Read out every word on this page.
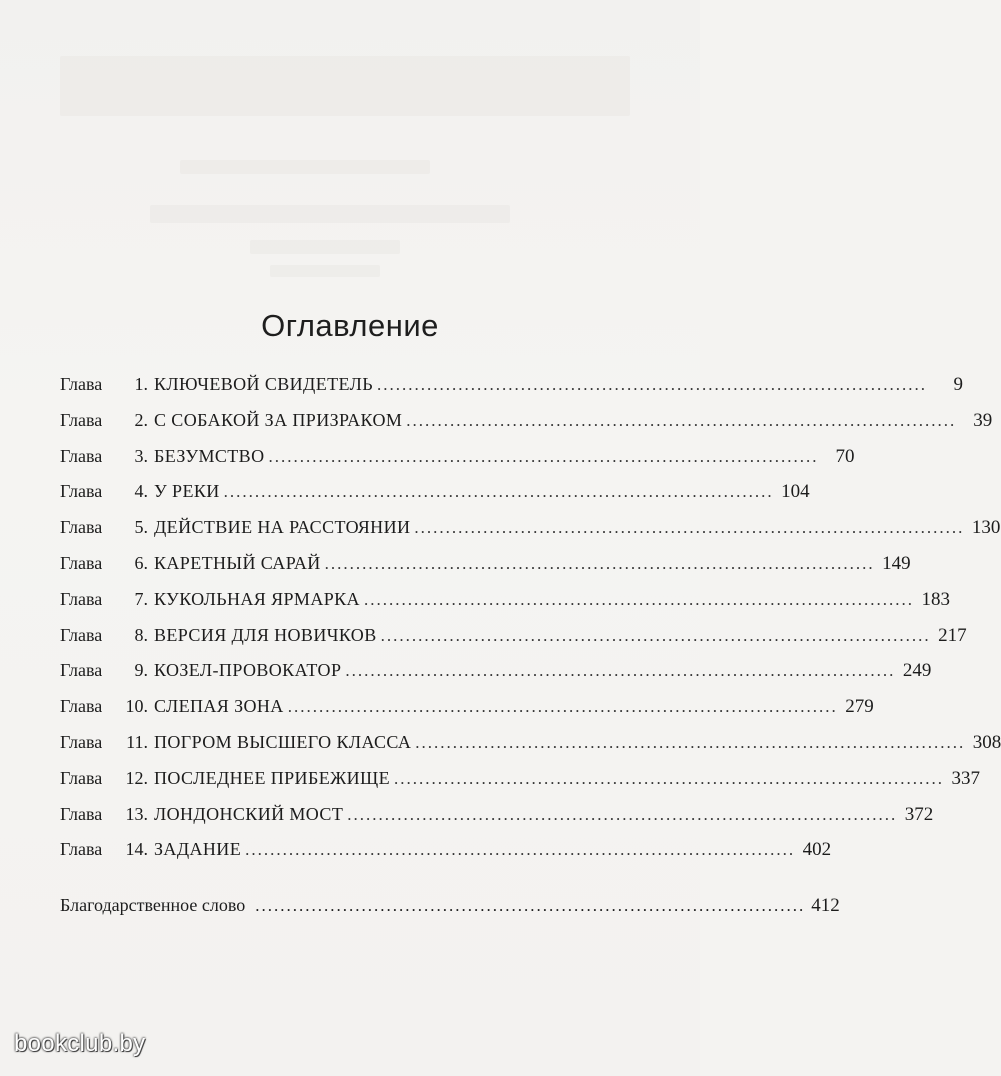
Оглавление
Глава	1. КЛЮЧЕВОЙ СВИДЕТЕЛЬ ........................................................................................	9
Глава	2. С СОБАКОЙ ЗА ПРИЗРАКОМ ........................................................................................ 39
Глава	3. БЕЗУМСТВО ........................................................................................ 70
Глава	4. У РЕКИ ........................................................................................ 104
Глава	5. ДЕЙСТВИЕ НА РАССТОЯНИИ ........................................................................................ 130
Глава	6. КАРЕТНЫЙ САРАЙ ........................................................................................ 149
Глава	7. КУКОЛЬНАЯ ЯРМАРКА ........................................................................................ 183
Глава	8. ВЕРСИЯ ДЛЯ НОВИЧКОВ ........................................................................................ 217
Глава	9. КОЗЕЛ-ПРОВОКАТОР ........................................................................................ 249
Глава	10. СЛЕПАЯ ЗОНА ........................................................................................ 279
Глава	11. ПОГРОМ ВЫСШЕГО КЛАССА ........................................................................................ 308
Глава	12. ПОСЛЕДНЕЕ ПРИБЕЖИЩЕ ........................................................................................ 337
Глава	13. ЛОНДОНСКИЙ МОСТ ........................................................................................ 372
Глава	14. ЗАДАНИЕ ........................................................................................ 402
Благодарственное слово ........................................................................................ 412
bookclub.by
